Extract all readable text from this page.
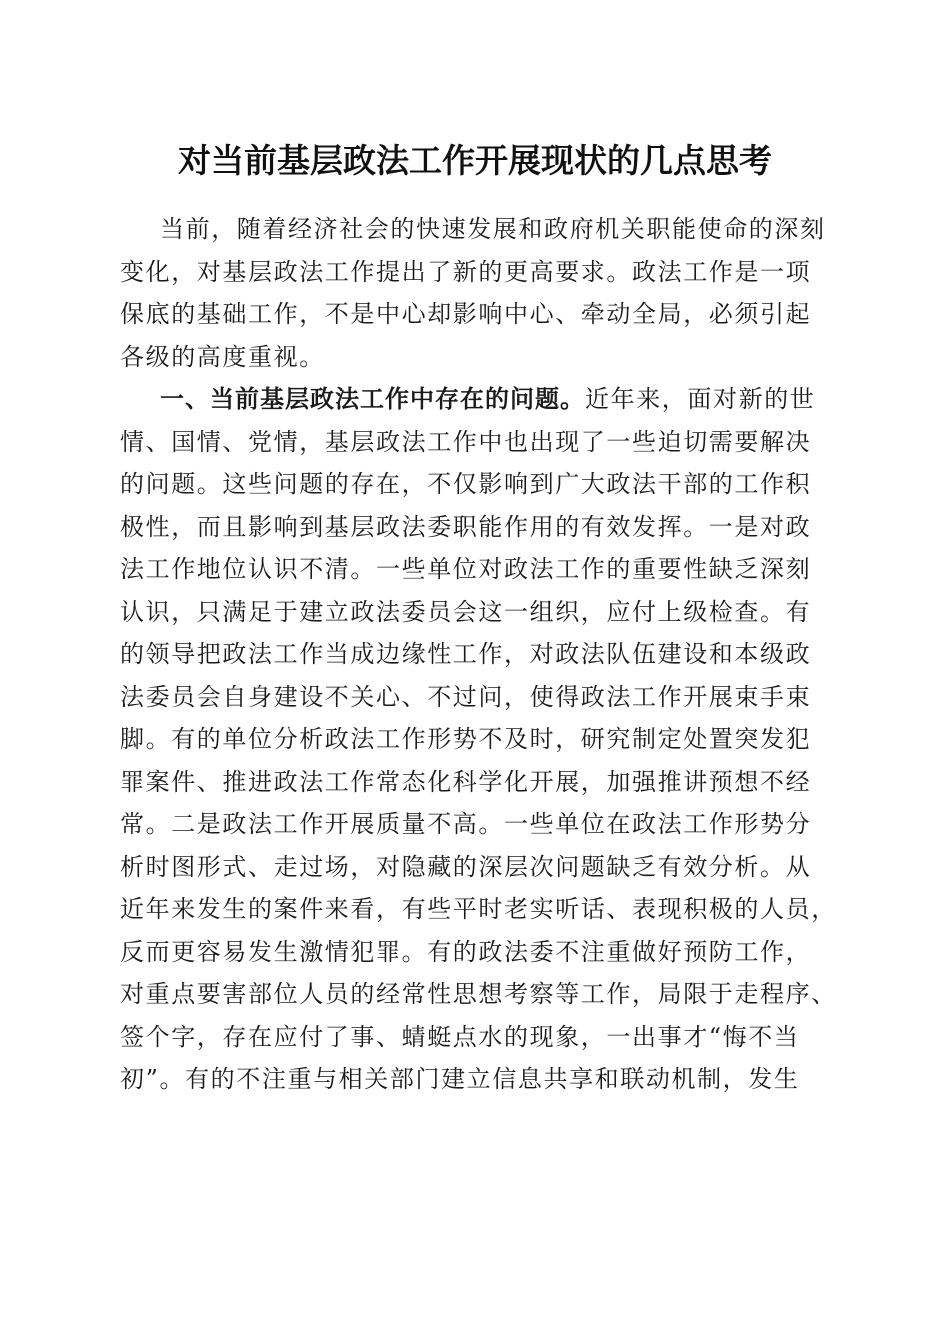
对当前基层政法工作开展现状的几点思考
当前，随着经济社会的快速发展和政府机关职能使命的深刻
变化，对基层政法工作提出了新的更高要求。政法工作是一项
保底的基础工作，不是中心却影响中心、牵动全局，必须引起
各级的高度重视。
一、当前基层政法工作中存在的问题。近年来，面对新的世
情、国情、党情，基层政法工作中也出现了一些迫切需要解决
的问题。这些问题的存在，不仅影响到广大政法干部的工作积
极性，而且影响到基层政法委职能作用的有效发挥。一是对政
法工作地位认识不清。一些单位对政法工作的重要性缺乏深刻
认识，只满足于建立政法委员会这一组织，应付上级检查。有
的领导把政法工作当成边缘性工作，对政法队伍建设和本级政
法委员会自身建设不关心、不过问，使得政法工作开展束手束
脚。有的单位分析政法工作形势不及时，研究制定处置突发犯
罪案件、推进政法工作常态化科学化开展，加强推讲预想不经
常。二是政法工作开展质量不高。一些单位在政法工作形势分
析时图形式、走过场，对隐藏的深层次问题缺乏有效分析。从
近年来发生的案件来看，有些平时老实听话、表现积极的人员，
反而更容易发生激情犯罪。有的政法委不注重做好预防工作，
对重点要害部位人员的经常性思想考察等工作，局限于走程序、
签个字，存在应付了事、蜻蜓点水的现象，一出事才“悔不当
初”。有的不注重与相关部门建立信息共享和联动机制，发生
